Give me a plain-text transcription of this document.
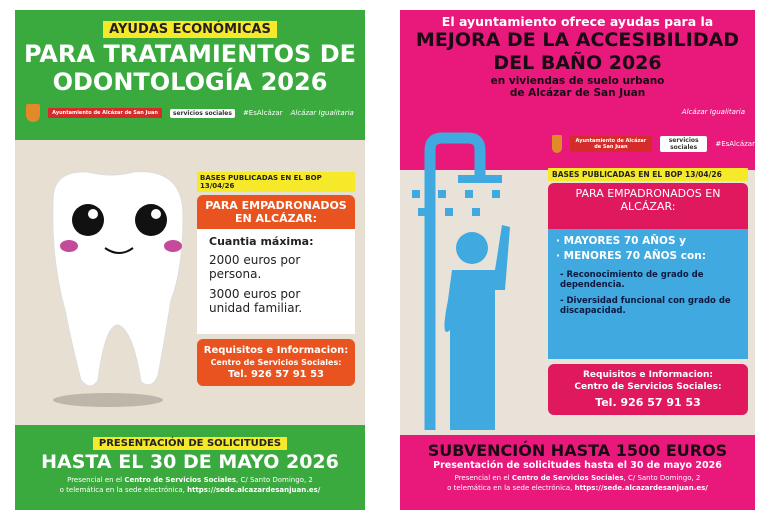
AYUDAS ECONÓMICAS
PARA TRATAMIENTOS DE
ODONTOLOGÍA 2026
Ayuntamiento de Alcázar de San Juan	servicios sociales	#EsAlcázar Alcázar Igualitaria
BASES PUBLICADAS EN EL BOP 13/04/26
PARA EMPADRONADOS EN ALCÁZAR:
Cuantia máxima:
2000 euros por persona.
3000 euros por unidad familiar.
Requisitos e Informacion:
Centro de Servicios Sociales:
Tel. 926 57 91 53
PRESENTACIÓN DE SOLICITUDES
HASTA EL 30 DE MAYO 2026
Presencial en el Centro de Servicios Sociales, C/ Santo Domingo, 2
o telemática en la sede electrónica, https://sede.alcazardesanjuan.es/
El ayuntamiento ofrece ayudas para la
MEJORA DE LA ACCESIBILIDAD
DEL BAÑO 2026
en viviendas de suelo urbano
de Alcázar de San Juan
Alcázar Igualitaria
Ayuntamiento de Alcázar de San Juan
servicios sociales	#EsAlcázar
BASES PUBLICADAS EN EL BOP 13/04/26
PARA EMPADRONADOS EN ALCÁZAR:
· MAYORES 70 AÑOS y
· MENORES 70 AÑOS con:
- Reconocimiento de grado de dependencia.
- Diversidad funcional con grado de discapacidad.
Requisitos e Informacion:
Centro de Servicios Sociales:
Tel. 926 57 91 53
SUBVENCIÓN HASTA 1500 EUROS
Presentación de solicitudes hasta el 30 de mayo 2026
Presencial en el Centro de Servicios Sociales, C/ Santo Domingo, 2
o telemática en la sede electrónica, https://sede.alcazardesanjuan.es/
